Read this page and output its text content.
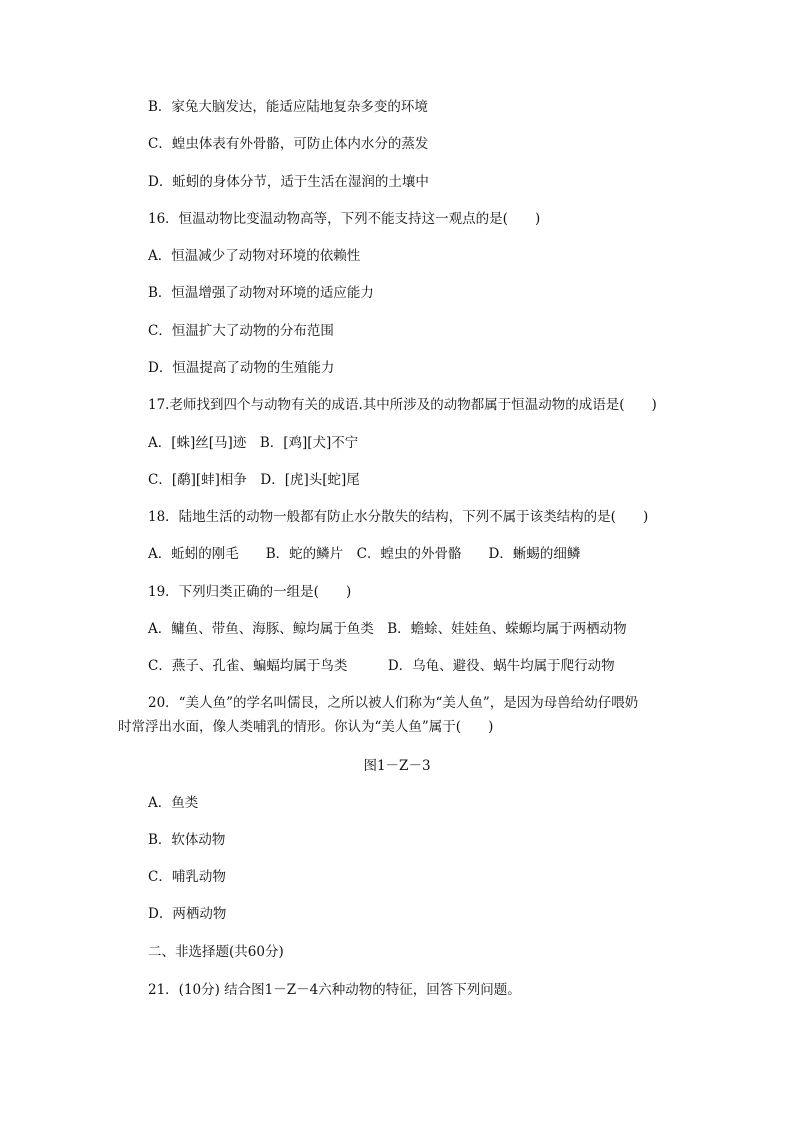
B．家兔大脑发达，能适应陆地复杂多变的环境
C．蝗虫体表有外骨骼，可防止体内水分的蒸发
D．蚯蚓的身体分节，适于生活在湿润的土壤中
16．恒温动物比变温动物高等，下列不能支持这一观点的是(　　)
A．恒温减少了动物对环境的依赖性
B．恒温增强了动物对环境的适应能力
C．恒温扩大了动物的分布范围
D．恒温提高了动物的生殖能力
17.老师找到四个与动物有关的成语.其中所涉及的动物都属于恒温动物的成语是(　　)
A．[蛛]丝[马]迹　B．[鸡][犬]不宁
C．[鹬][蚌]相争　D．[虎]头[蛇]尾
18．陆地生活的动物一般都有防止水分散失的结构，下列不属于该类结构的是(　　)
A．蚯蚓的刚毛　　B．蛇的鳞片　C．蝗虫的外骨骼　　D．蜥蜴的细鳞
19．下列归类正确的一组是(　　)
A．鳙鱼、带鱼、海豚、鲸均属于鱼类　B．蟾蜍、娃娃鱼、蝾螈均属于两栖动物
C．燕子、孔雀、蝙蝠均属于鸟类　　　D．乌龟、避役、蜗牛均属于爬行动物
20．“美人鱼”的学名叫儒艮，之所以被人们称为“美人鱼”，是因为母兽给幼仔喂奶
时常浮出水面，像人类哺乳的情形。你认为“美人鱼”属于(　　)
图1－Z－3
A．鱼类
B．软体动物
C．哺乳动物
D．两栖动物
二、非选择题(共60分)
21．(10分) 结合图1－Z－4六种动物的特征，回答下列问题。
